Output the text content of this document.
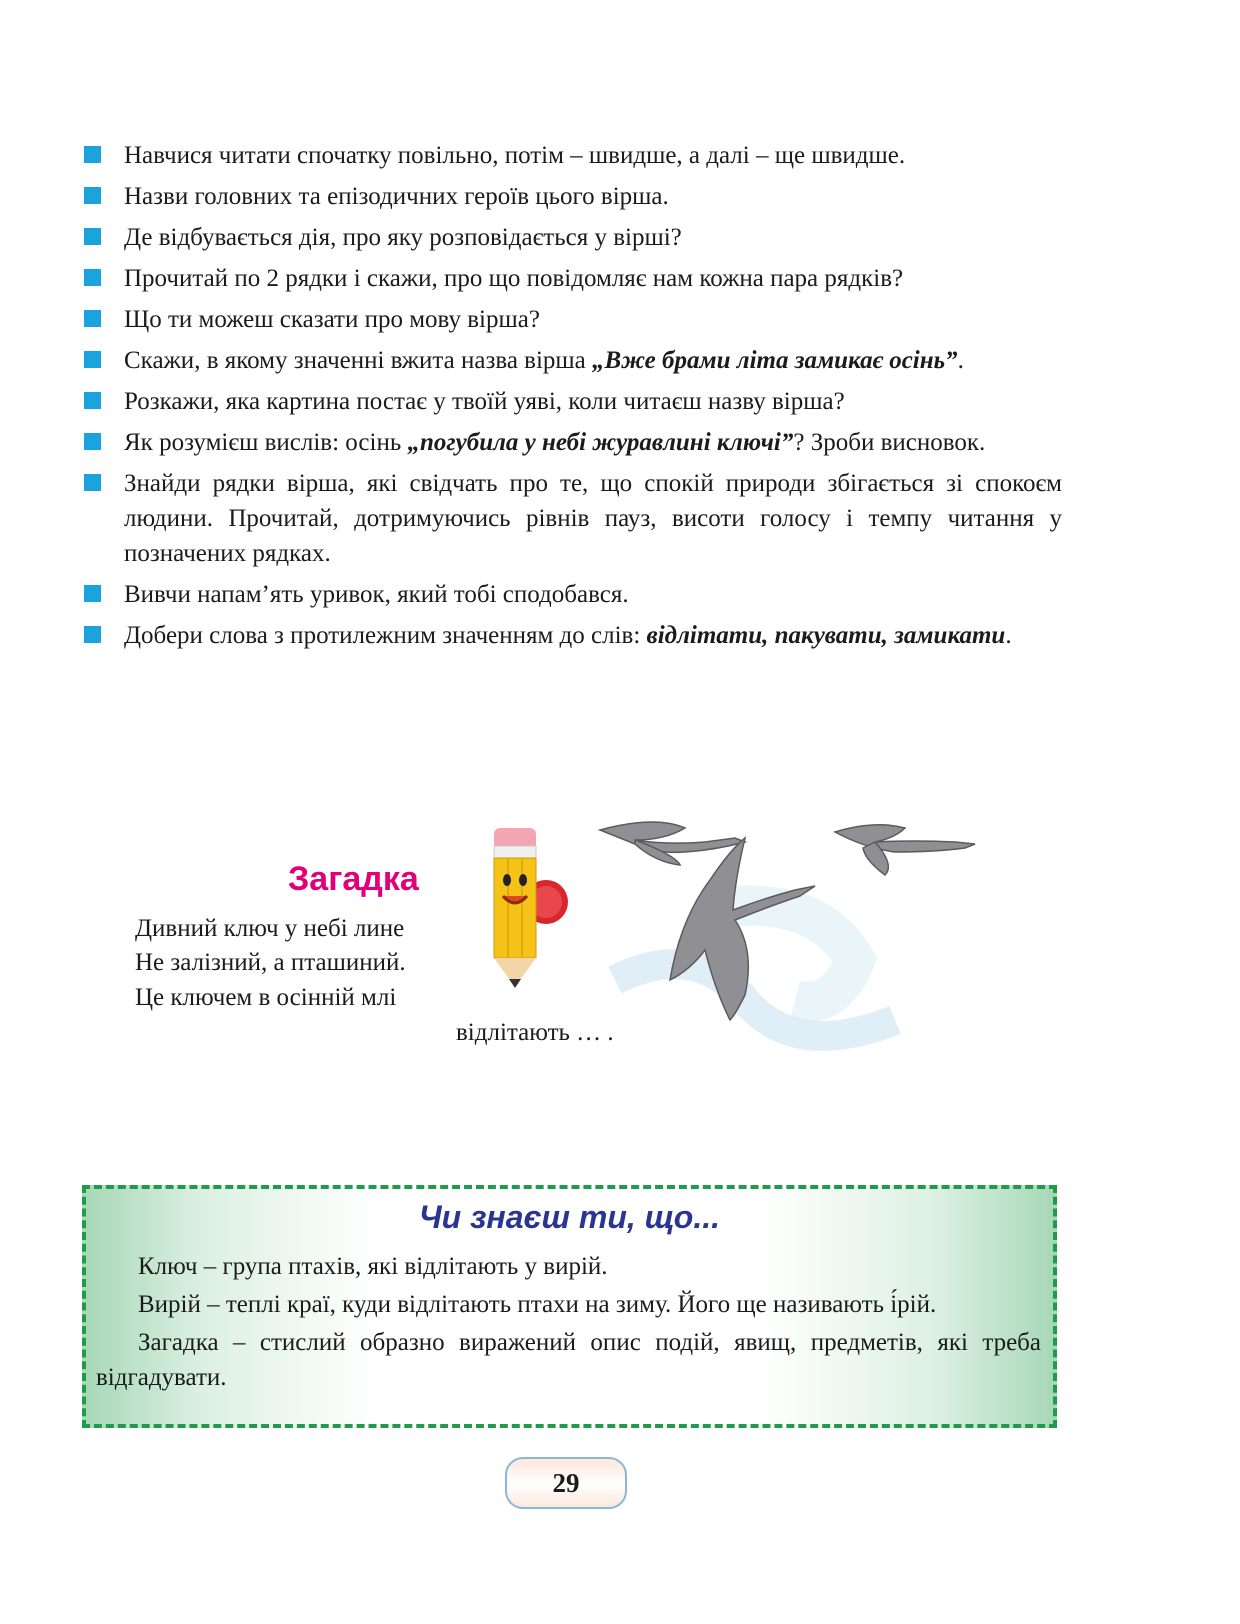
Навчися читати спочатку повільно, потім – швидше, а далі – ще швидше.
Назви головних та епізодичних героїв цього вірша.
Де відбувається дія, про яку розповідається у вірші?
Прочитай по 2 рядки і скажи, про що повідомляє нам кожна пара рядків?
Що ти можеш сказати про мову вірша?
Скажи, в якому значенні вжита назва вірша „Вже брами літа замикає осінь”.
Розкажи, яка картина постає у твоїй уяві, коли читаєш назву вірша?
Як розумієш вислів: осінь „погубила у небі журавлині ключі”? Зроби висновок.
Знайди рядки вірша, які свідчать про те, що спокій природи збігається зі спокоєм людини. Прочитай, дотримуючись рівнів пауз, висоти голосу і темпу читання у позначених рядках.
Вивчи напам’ять уривок, який тобі сподобався.
Добери слова з протилежним значенням до слів: відлітати, пакувати, замикати.
Загадка
Дивний ключ у небі лине
Не залізний, а пташиний.
Це ключем в осінній млі
відлітають … .
Чи знаєш ти, що...
Ключ – група птахів, які відлітають у вирій.
Вирій – теплі краї, куди відлітають птахи на зиму. Його ще називають і́рій.
Загадка – стислий образно виражений опис подій, явищ, предметів, які треба відгадувати.
29
